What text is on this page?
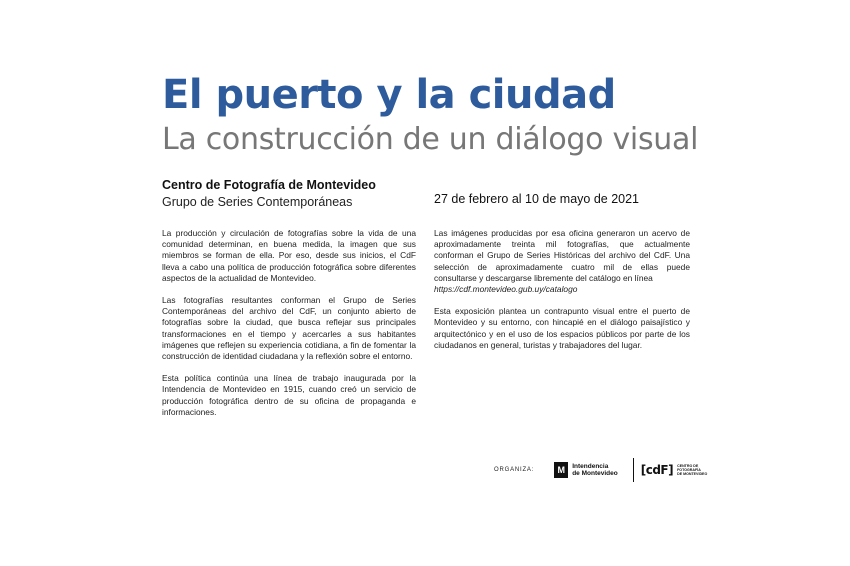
El puerto y la ciudad
La construcción de un diálogo visual
Centro de Fotografía de Montevideo
Grupo de Series Contemporáneas	27 de febrero al 10 de mayo de 2021

La producción y circulación de fotografías sobre la vida de una comunidad determinan, en buena medida, la imagen que sus miembros se forman de ella. Por eso, desde sus inicios, el CdF lleva a cabo una política de producción fotográfica sobre diferentes aspectos de la actualidad de Montevideo.

Las fotografías resultantes conforman el Grupo de Series Contemporáneas del archivo del CdF, un conjunto abierto de fotografías sobre la ciudad, que busca reflejar sus principales transformaciones en el tiempo y acercarles a sus habitantes imágenes que reflejen su experiencia cotidiana, a fin de fomentar la construcción de identidad ciudadana y la reflexión sobre el entorno.

Esta política continúa una línea de trabajo inaugurada por la Intendencia de Montevideo en 1915, cuando creó un servicio de producción fotográfica dentro de su oficina de propaganda e informaciones.

Las imágenes producidas por esa oficina generaron un acervo de aproximadamente treinta mil fotografías, que actualmente conforman el Grupo de Series Históricas del archivo del CdF. Una selección de aproximadamente cuatro mil de ellas puede consultarse y descargarse libremente del catálogo en línea
https://cdf.montevideo.gub.uy/catalogo

Esta exposición plantea un contrapunto visual entre el puerto de Montevideo y su entorno, con hincapié en el diálogo paisajístico y arquitectónico y en el uso de los espacios públicos por parte de los ciudadanos en general, turistas y trabajadores del lugar.

ORGANIZA:	M	Intendencia
de Montevideo [cdF] CENTRO DE
FOTOGRAFÍA
DE MONTEVIDEO
